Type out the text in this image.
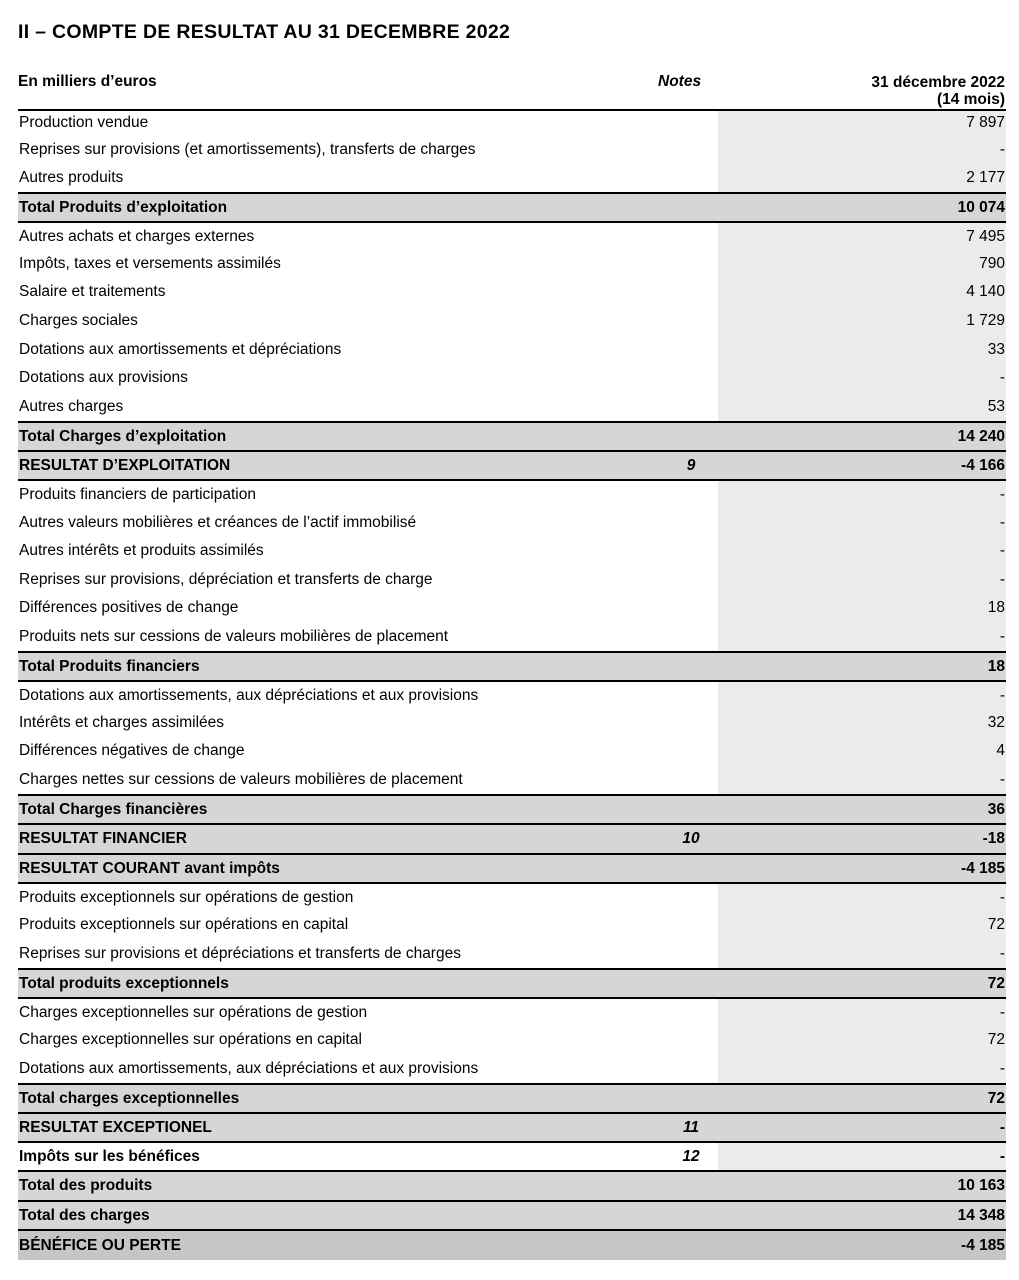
II – COMPTE DE RESULTAT AU 31 DECEMBRE 2022
En milliers d’euros	Notes	31 décembre 2022
(14 mois)
Production vendue	7 897
Reprises sur provisions (et amortissements), transferts de charges	-
Autres produits	2 177
Total Produits d’exploitation	10 074
Autres achats et charges externes	7 495
Impôts, taxes et versements assimilés	790
Salaire et traitements	4 140
Charges sociales	1 729
Dotations aux amortissements et dépréciations	33
Dotations aux provisions	-
Autres charges	53
Total Charges d’exploitation	14 240
RESULTAT D’EXPLOITATION	9	-4 166
Produits financiers de participation	-
Autres valeurs mobilières et créances de l’actif immobilisé	-
Autres intérêts et produits assimilés	-
Reprises sur provisions, dépréciation et transferts de charge	-
Différences positives de change	18
Produits nets sur cessions de valeurs mobilières de placement	-
Total Produits financiers	18
Dotations aux amortissements, aux dépréciations et aux provisions	-
Intérêts et charges assimilées	32
Différences négatives de change	4
Charges nettes sur cessions de valeurs mobilières de placement	-
Total Charges financières	36
RESULTAT FINANCIER	10	-18
RESULTAT COURANT avant impôts	-4 185
Produits exceptionnels sur opérations de gestion	-
Produits exceptionnels sur opérations en capital	72
Reprises sur provisions et dépréciations et transferts de charges	-
Total produits exceptionnels	72
Charges exceptionnelles sur opérations de gestion	-
Charges exceptionnelles sur opérations en capital	72
Dotations aux amortissements, aux dépréciations et aux provisions	-
Total charges exceptionnelles	72
RESULTAT EXCEPTIONEL	11	-
Impôts sur les bénéfices	12	-
Total des produits	10 163
Total des charges	14 348
BÉNÉFICE OU PERTE	-4 185
